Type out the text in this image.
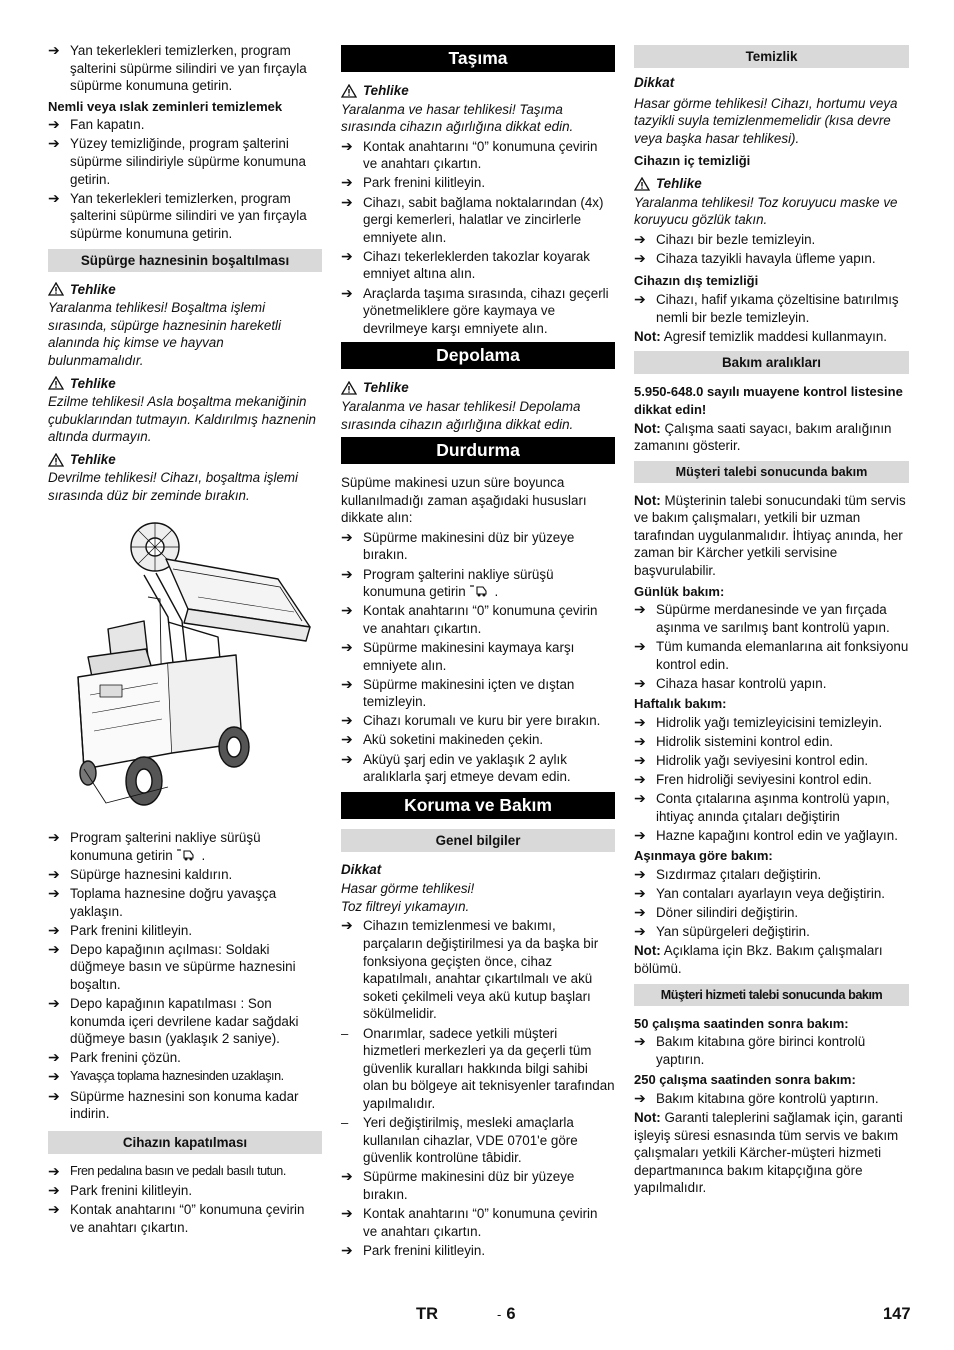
➔ Yan tekerlekleri temizlerken, program şalterini süpürme silindiri ve yan fırçayla süpürme konumuna getirin.
Nemli veya ıslak zeminleri temizlemek
➔ Fan kapatın.
➔ Yüzey temizliğinde, program şalterini süpürme silindiriyle süpürme konumuna getirin.
➔ Yan tekerlekleri temizlerken, program şalterini süpürme silindiri ve yan fırçayla süpürme konumuna getirin.
Süpürge haznesinin boşaltılması
Tehlike
Yaralanma tehlikesi! Boşaltma işlemi sırasında, süpürge haznesinin hareketli alanında hiç kimse ve hayvan bulunmamalıdır.
Tehlike
Ezilme tehlikesi! Asla boşaltma mekaniğinin çubuklarından tutmayın. Kaldırılmış haznenin altında durmayın.
Tehlike
Devrilme tehlikesi! Cihazı, boşaltma işlemi sırasında düz bir zeminde bırakın.
➔ Program şalterini nakliye sürüşü konumuna getirin .
➔ Süpürge haznesini kaldırın.
➔ Toplama haznesine doğru yavaşça yaklaşın.
➔ Park frenini kilitleyin.
➔ Depo kapağının açılması: Soldaki düğmeye basın ve süpürme haznesini boşaltın.
➔ Depo kapağının kapatılması : Son konumda içeri devrilene kadar sağdaki düğmeye basın (yaklaşık 2 saniye).
➔ Park frenini çözün.
➔ Yavaşça toplama haznesinden uzaklaşın.
➔ Süpürme haznesini son konuma kadar indirin.
Cihazın kapatılması
➔ Fren pedalına basın ve pedalı basılı tutun.
➔ Park frenini kilitleyin.
➔ Kontak anahtarını “0” konumuna çevirin ve anahtarı çıkartın.
Taşıma
Tehlike
Yaralanma ve hasar tehlikesi! Taşıma sırasında cihazın ağırlığına dikkat edin.
➔ Kontak anahtarını “0” konumuna çevirin ve anahtarı çıkartın.
➔ Park frenini kilitleyin.
➔ Cihazı, sabit bağlama noktalarından (4x) gergi kemerleri, halatlar ve zincirlerle emniyete alın.
➔ Cihazı tekerleklerden takozlar koyarak emniyet altına alın.
➔ Araçlarda taşıma sırasında, cihazı geçerli yönetmeliklere göre kaymaya ve devrilmeye karşı emniyete alın.
Depolama
Tehlike
Yaralanma ve hasar tehlikesi! Depolama sırasında cihazın ağırlığına dikkat edin.
Durdurma
Süpüme makinesi uzun süre boyunca kullanılmadığı zaman aşağıdaki hususları dikkate alın:
➔ Süpürme makinesini düz bir yüzeye bırakın.
➔ Program şalterini nakliye sürüşü konumuna getirin .
➔ Kontak anahtarını “0” konumuna çevirin ve anahtarı çıkartın.
➔ Süpürme makinesini kaymaya karşı emniyete alın.
➔ Süpürme makinesini içten ve dıştan temizleyin.
➔ Cihazı korumalı ve kuru bir yere bırakın.
➔ Akü soketini makineden çekin.
➔ Aküyü şarj edin ve yaklaşık 2 aylık aralıklarla şarj etmeye devam edin.
Koruma ve Bakım
Genel bilgiler
Dikkat
Hasar görme tehlikesi!
Toz filtreyi yıkamayın.
➔ Cihazın temizlenmesi ve bakımı, parçaların değiştirilmesi ya da başka bir fonksiyona geçişten önce, cihaz kapatılmalı, anahtar çıkartılmalı ve akü soketi çekilmeli veya akü kutup başları sökülmelidir.
–	Onarımlar, sadece yetkili müşteri hizmetleri merkezleri ya da geçerli tüm güvenlik kuralları hakkında bilgi sahibi olan bu bölgeye ait teknisyenler tarafından yapılmalıdır.
–	Yeri değiştirilmiş, mesleki amaçlarla kullanılan cihazlar, VDE 0701'e göre güvenlik kontrolüne tâbidir.
➔ Süpürme makinesini düz bir yüzeye bırakın.
➔ Kontak anahtarını “0” konumuna çevirin ve anahtarı çıkartın.
➔ Park frenini kilitleyin.
Temizlik
Dikkat
Hasar görme tehlikesi! Cihazı, hortumu veya tazyikli suyla temizlenmemelidir (kısa devre veya başka hasar tehlikesi).
Cihazın iç temizliği
Tehlike
Yaralanma tehlikesi! Toz koruyucu maske ve koruyucu gözlük takın.
➔ Cihazı bir bezle temizleyin.
➔ Cihaza tazyikli havayla üfleme yapın.
Cihazın dış temizliği
➔ Cihazı, hafif yıkama çözeltisine batırılmış nemli bir bezle temizleyin.
Not: Agresif temizlik maddesi kullanmayın.
Bakım aralıkları
5.950-648.0 sayılı muayene kontrol listesine dikkat edin!
Not: Çalışma saati sayacı, bakım aralığının zamanını gösterir.
Müşteri talebi sonucunda bakım
Not: Müşterinin talebi sonucundaki tüm servis ve bakım çalışmaları, yetkili bir uzman tarafından uygulanmalıdır. İhtiyaç anında, her zaman bir Kärcher yetkili servisine başvurulabilir.
Günlük bakım:
➔ Süpürme merdanesinde ve yan fırçada aşınma ve sarılmış bant kontrolü yapın.
➔ Tüm kumanda elemanlarına ait fonksiyonu kontrol edin.
➔ Cihaza hasar kontrolü yapın.
Haftalık bakım:
➔ Hidrolik yağı temizleyicisini temizleyin.
➔ Hidrolik sistemini kontrol edin.
➔ Hidrolik yağı seviyesini kontrol edin.
➔ Fren hidroliği seviyesini kontrol edin.
➔ Conta çıtalarına aşınma kontrolü yapın, ihtiyaç anında çıtaları değiştirin
➔ Hazne kapağını kontrol edin ve yağlayın.
Aşınmaya göre bakım:
➔ Sızdırmaz çıtaları değiştirin.
➔ Yan contaları ayarlayın veya değiştirin.
➔ Döner silindiri değiştirin.
➔ Yan süpürgeleri değiştirin.
Not: Açıklama için Bkz. Bakım çalışmaları bölümü.
Müşteri hizmeti talebi sonucunda bakım
50 çalışma saatinden sonra bakım:
➔ Bakım kitabına göre birinci kontrolü yaptırın.
250 çalışma saatinden sonra bakım:
➔ Bakım kitabına göre kontrolü yaptırın.
Not: Garanti taleplerini sağlamak için, garanti işleyiş süresi esnasında tüm servis ve bakım çalışmaları yetkili Kärcher-müşteri hizmeti departmanınca bakım kitapçığına göre yapılmalıdır.
TR	- 6	147
